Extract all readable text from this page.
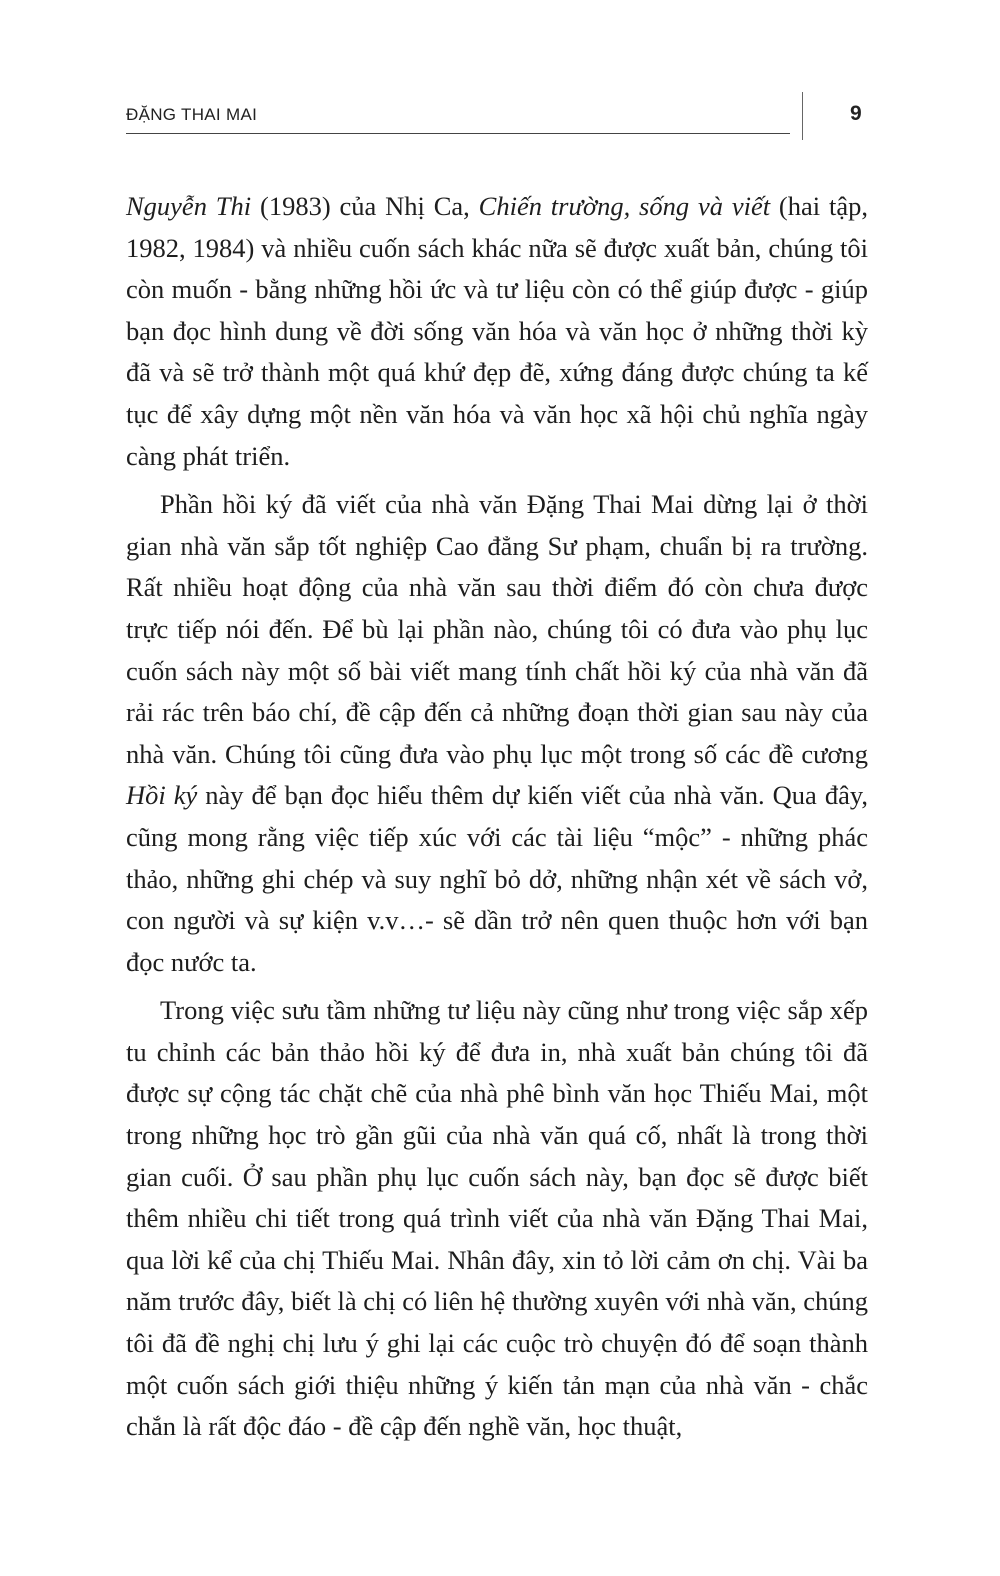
ĐẶNG THAI MAI	9

Nguyễn Thi (1983) của Nhị Ca, Chiến trường, sống và viết (hai tập, 1982, 1984) và nhiều cuốn sách khác nữa sẽ được xuất bản, chúng tôi còn muốn - bằng những hồi ức và tư liệu còn có thể giúp được - giúp bạn đọc hình dung về đời sống văn hóa và văn học ở những thời kỳ đã và sẽ trở thành một quá khứ đẹp đẽ, xứng đáng được chúng ta kế tục để xây dựng một nền văn hóa và văn học xã hội chủ nghĩa ngày càng phát triển.

Phần hồi ký đã viết của nhà văn Đặng Thai Mai dừng lại ở thời gian nhà văn sắp tốt nghiệp Cao đẳng Sư phạm, chuẩn bị ra trường. Rất nhiều hoạt động của nhà văn sau thời điểm đó còn chưa được trực tiếp nói đến. Để bù lại phần nào, chúng tôi có đưa vào phụ lục cuốn sách này một số bài viết mang tính chất hồi ký của nhà văn đã rải rác trên báo chí, đề cập đến cả những đoạn thời gian sau này của nhà văn. Chúng tôi cũng đưa vào phụ lục một trong số các đề cương Hồi ký này để bạn đọc hiểu thêm dự kiến viết của nhà văn. Qua đây, cũng mong rằng việc tiếp xúc với các tài liệu “mộc” - những phác thảo, những ghi chép và suy nghĩ bỏ dở, những nhận xét về sách vở, con người và sự kiện v.v…- sẽ dần trở nên quen thuộc hơn với bạn đọc nước ta.

Trong việc sưu tầm những tư liệu này cũng như trong việc sắp xếp tu chỉnh các bản thảo hồi ký để đưa in, nhà xuất bản chúng tôi đã được sự cộng tác chặt chẽ của nhà phê bình văn học Thiếu Mai, một trong những học trò gần gũi của nhà văn quá cố, nhất là trong thời gian cuối. Ở sau phần phụ lục cuốn sách này, bạn đọc sẽ được biết thêm nhiều chi tiết trong quá trình viết của nhà văn Đặng Thai Mai, qua lời kể của chị Thiếu Mai. Nhân đây, xin tỏ lời cảm ơn chị. Vài ba năm trước đây, biết là chị có liên hệ thường xuyên với nhà văn, chúng tôi đã đề nghị chị lưu ý ghi lại các cuộc trò chuyện đó để soạn thành một cuốn sách giới thiệu những ý kiến tản mạn của nhà văn - chắc chắn là rất độc đáo - đề cập đến nghề văn, học thuật,
